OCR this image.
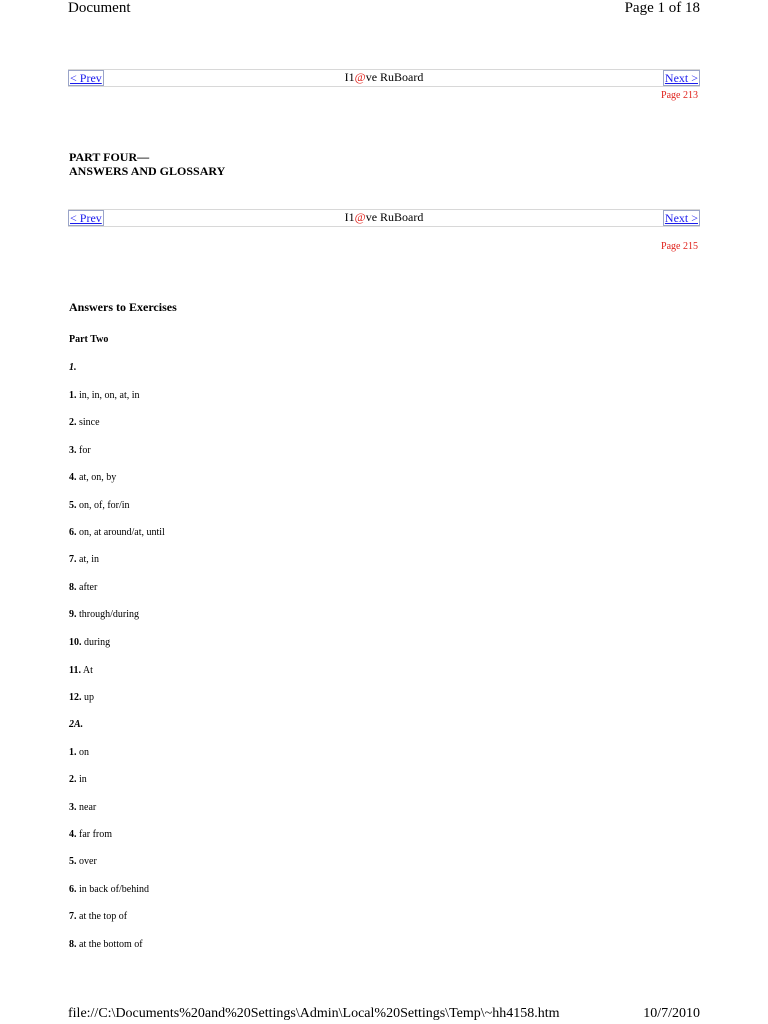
Document	Page 1 of 18
< Prev	I1@ve RuBoard	Next >
Page 213
PART FOUR—
ANSWERS AND GLOSSARY
< Prev	I1@ve RuBoard	Next >
Page 215
Answers to Exercises
Part Two
1.
1. in, in, on, at, in
2. since
3. for
4. at, on, by
5. on, of, for/in
6. on, at around/at, until
7. at, in
8. after
9. through/during
10. during
11. At
12. up
2A.
1. on
2. in
3. near
4. far from
5. over
6. in back of/behind
7. at the top of
8. at the bottom of
file://C:\Documents%20and%20Settings\Admin\Local%20Settings\Temp\~hh4158.htm	10/7/2010
